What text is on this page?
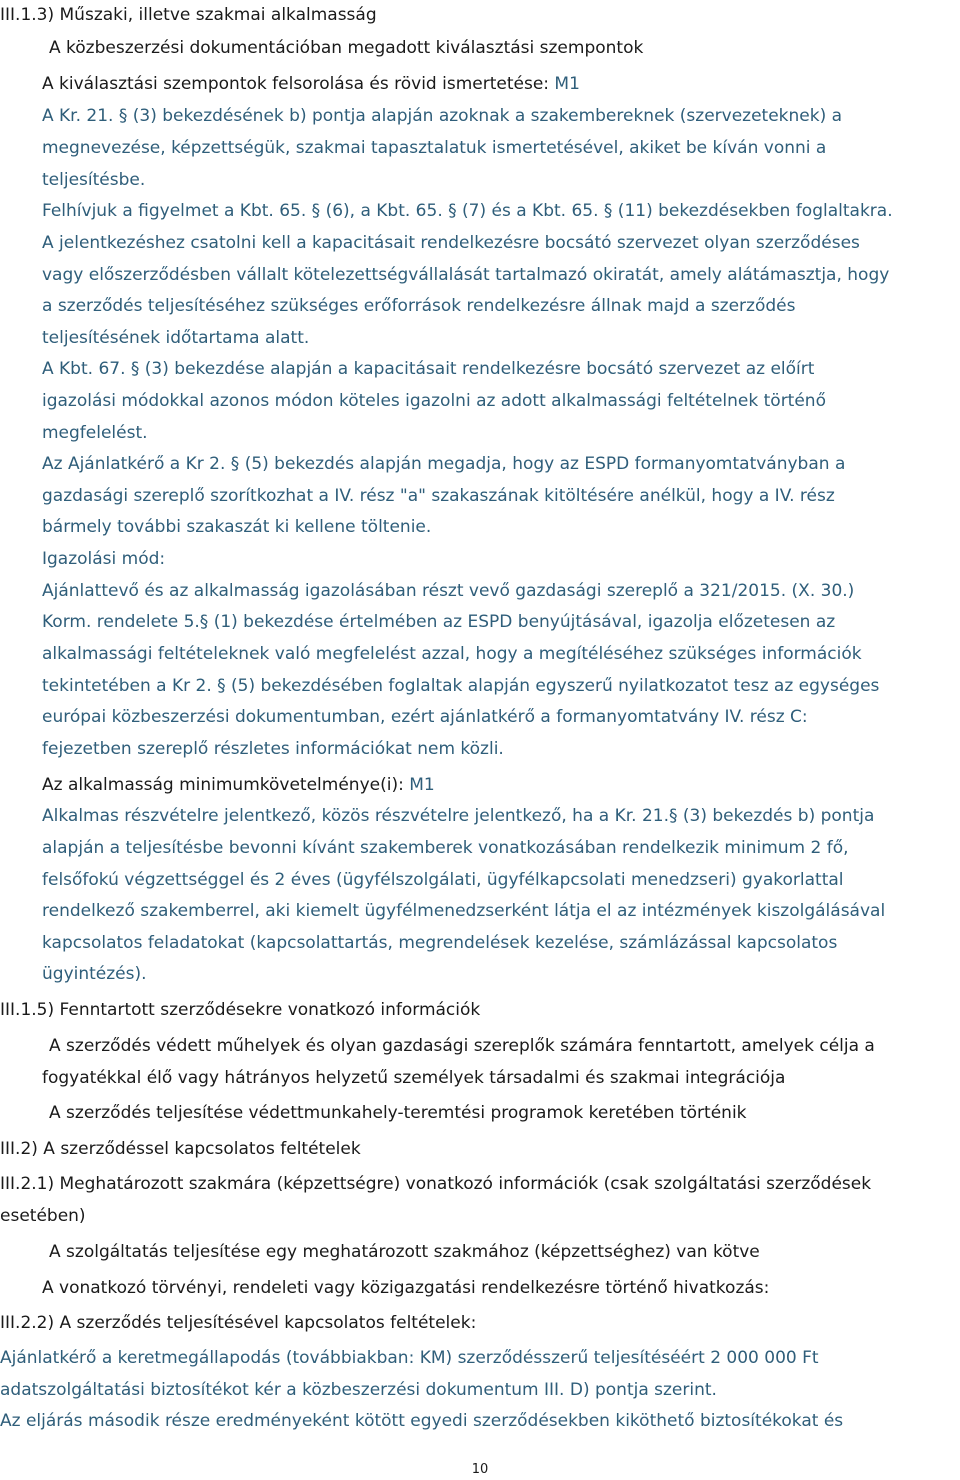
III.1.3) Műszaki, illetve szakmai alkalmasság

A közbeszerzési dokumentációban megadott kiválasztási szempontok

A kiválasztási szempontok felsorolása és rövid ismertetése: M1

A Kr. 21. § (3) bekezdésének b) pontja alapján azoknak a szakembereknek (szervezeteknek) a

megnevezése, képzettségük, szakmai tapasztalatuk ismertetésével, akiket be kíván vonni a

teljesítésbe.

Felhívjuk a figyelmet a Kbt. 65. § (6), a Kbt. 65. § (7) és a Kbt. 65. § (11) bekezdésekben foglaltakra.

A jelentkezéshez csatolni kell a kapacitásait rendelkezésre bocsátó szervezet olyan szerződéses

vagy előszerződésben vállalt kötelezettségvállalását tartalmazó okiratát, amely alátámasztja, hogy

a szerződés teljesítéséhez szükséges erőforrások rendelkezésre állnak majd a szerződés

teljesítésének időtartama alatt.

A Kbt. 67. § (3) bekezdése alapján a kapacitásait rendelkezésre bocsátó szervezet az előírt

igazolási módokkal azonos módon köteles igazolni az adott alkalmassági feltételnek történő

megfelelést.

Az Ajánlatkérő a Kr 2. § (5) bekezdés alapján megadja, hogy az ESPD formanyomtatványban a

gazdasági szereplő szorítkozhat a IV. rész "a" szakaszának kitöltésére anélkül, hogy a IV. rész

bármely további szakaszát ki kellene töltenie.

Igazolási mód:

Ajánlattevő és az alkalmasság igazolásában részt vevő gazdasági szereplő a 321/2015. (X. 30.)

Korm. rendelete 5.§ (1) bekezdése értelmében az ESPD benyújtásával, igazolja előzetesen az

alkalmassági feltételeknek való megfelelést azzal, hogy a megítéléséhez szükséges információk

tekintetében a Kr 2. § (5) bekezdésében foglaltak alapján egyszerű nyilatkozatot tesz az egységes

európai közbeszerzési dokumentumban, ezért ajánlatkérő a formanyomtatvány IV. rész C:

fejezetben szereplő részletes információkat nem közli.

Az alkalmasság minimumkövetelménye(i): M1

Alkalmas részvételre jelentkező, közös részvételre jelentkező, ha a Kr. 21.§ (3) bekezdés b) pontja

alapján a teljesítésbe bevonni kívánt szakemberek vonatkozásában rendelkezik minimum 2 fő,

felsőfokú végzettséggel és 2 éves (ügyfélszolgálati, ügyfélkapcsolati menedzseri) gyakorlattal

rendelkező szakemberrel, aki kiemelt ügyfélmenedzserként látja el az intézmények kiszolgálásával

kapcsolatos feladatokat (kapcsolattartás, megrendelések kezelése, számlázással kapcsolatos

ügyintézés).

III.1.5) Fenntartott szerződésekre vonatkozó információk

A szerződés védett műhelyek és olyan gazdasági szereplők számára fenntartott, amelyek célja a

fogyatékkal élő vagy hátrányos helyzetű személyek társadalmi és szakmai integrációja

A szerződés teljesítése védettmunkahely-teremtési programok keretében történik

III.2) A szerződéssel kapcsolatos feltételek

III.2.1) Meghatározott szakmára (képzettségre) vonatkozó információk (csak szolgáltatási szerződések

esetében)

A szolgáltatás teljesítése egy meghatározott szakmához (képzettséghez) van kötve

A vonatkozó törvényi, rendeleti vagy közigazgatási rendelkezésre történő hivatkozás:

III.2.2) A szerződés teljesítésével kapcsolatos feltételek:

Ajánlatkérő a keretmegállapodás (továbbiakban: KM) szerződésszerű teljesítéséért 2 000 000 Ft

adatszolgáltatási biztosítékot kér a közbeszerzési dokumentum III. D) pontja szerint.

Az eljárás második része eredményeként kötött egyedi szerződésekben kiköthető biztosítékokat és

10
